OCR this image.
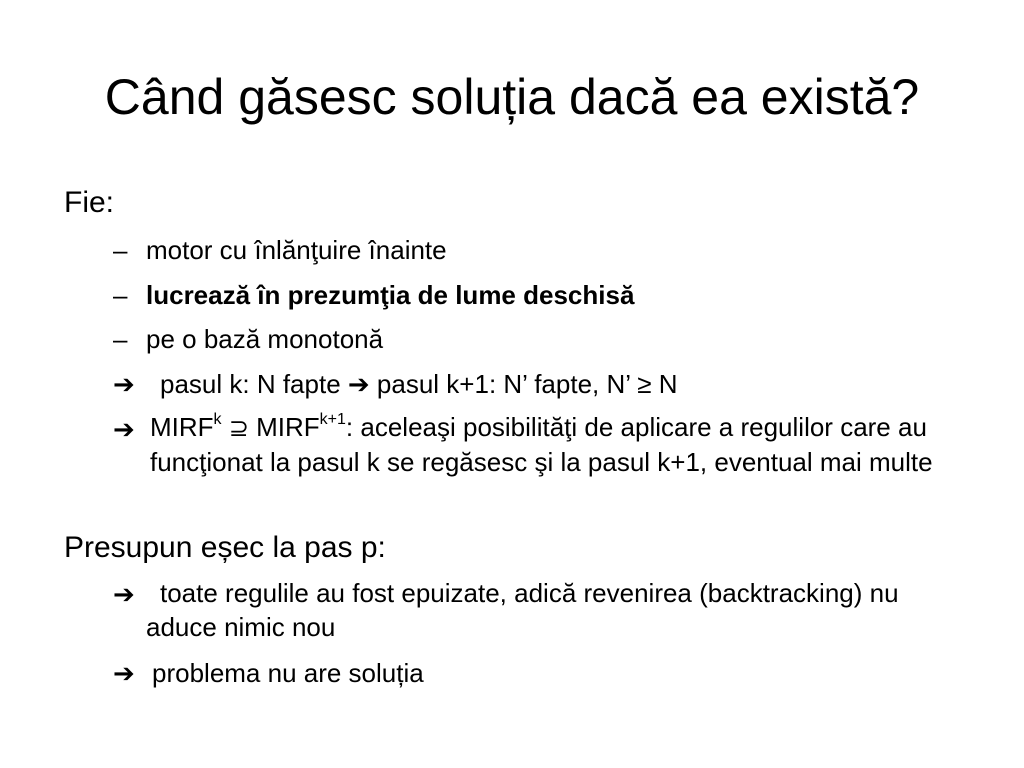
Când găsesc soluția dacă ea există?
Fie:
– motor cu înlănţuire înainte
– lucrează în prezumţia de lume deschisă
– pe o bază monotonă
➔ pasul k: N fapte ➔ pasul k+1: N’ fapte, N’ ≥ N
➔ MIRF$^k$ ⊇ $MIRF^{k+1}$: aceleaşi posibilităţi de aplicare a regulilor care au funcţionat la pasul k se regăsesc şi la pasul k+1, eventual mai multe
Presupun eșec la pas p:
➔ toate regulile au fost epuizate, adică revenirea (backtracking) nu aduce nimic nou
➔ problema nu are soluția
